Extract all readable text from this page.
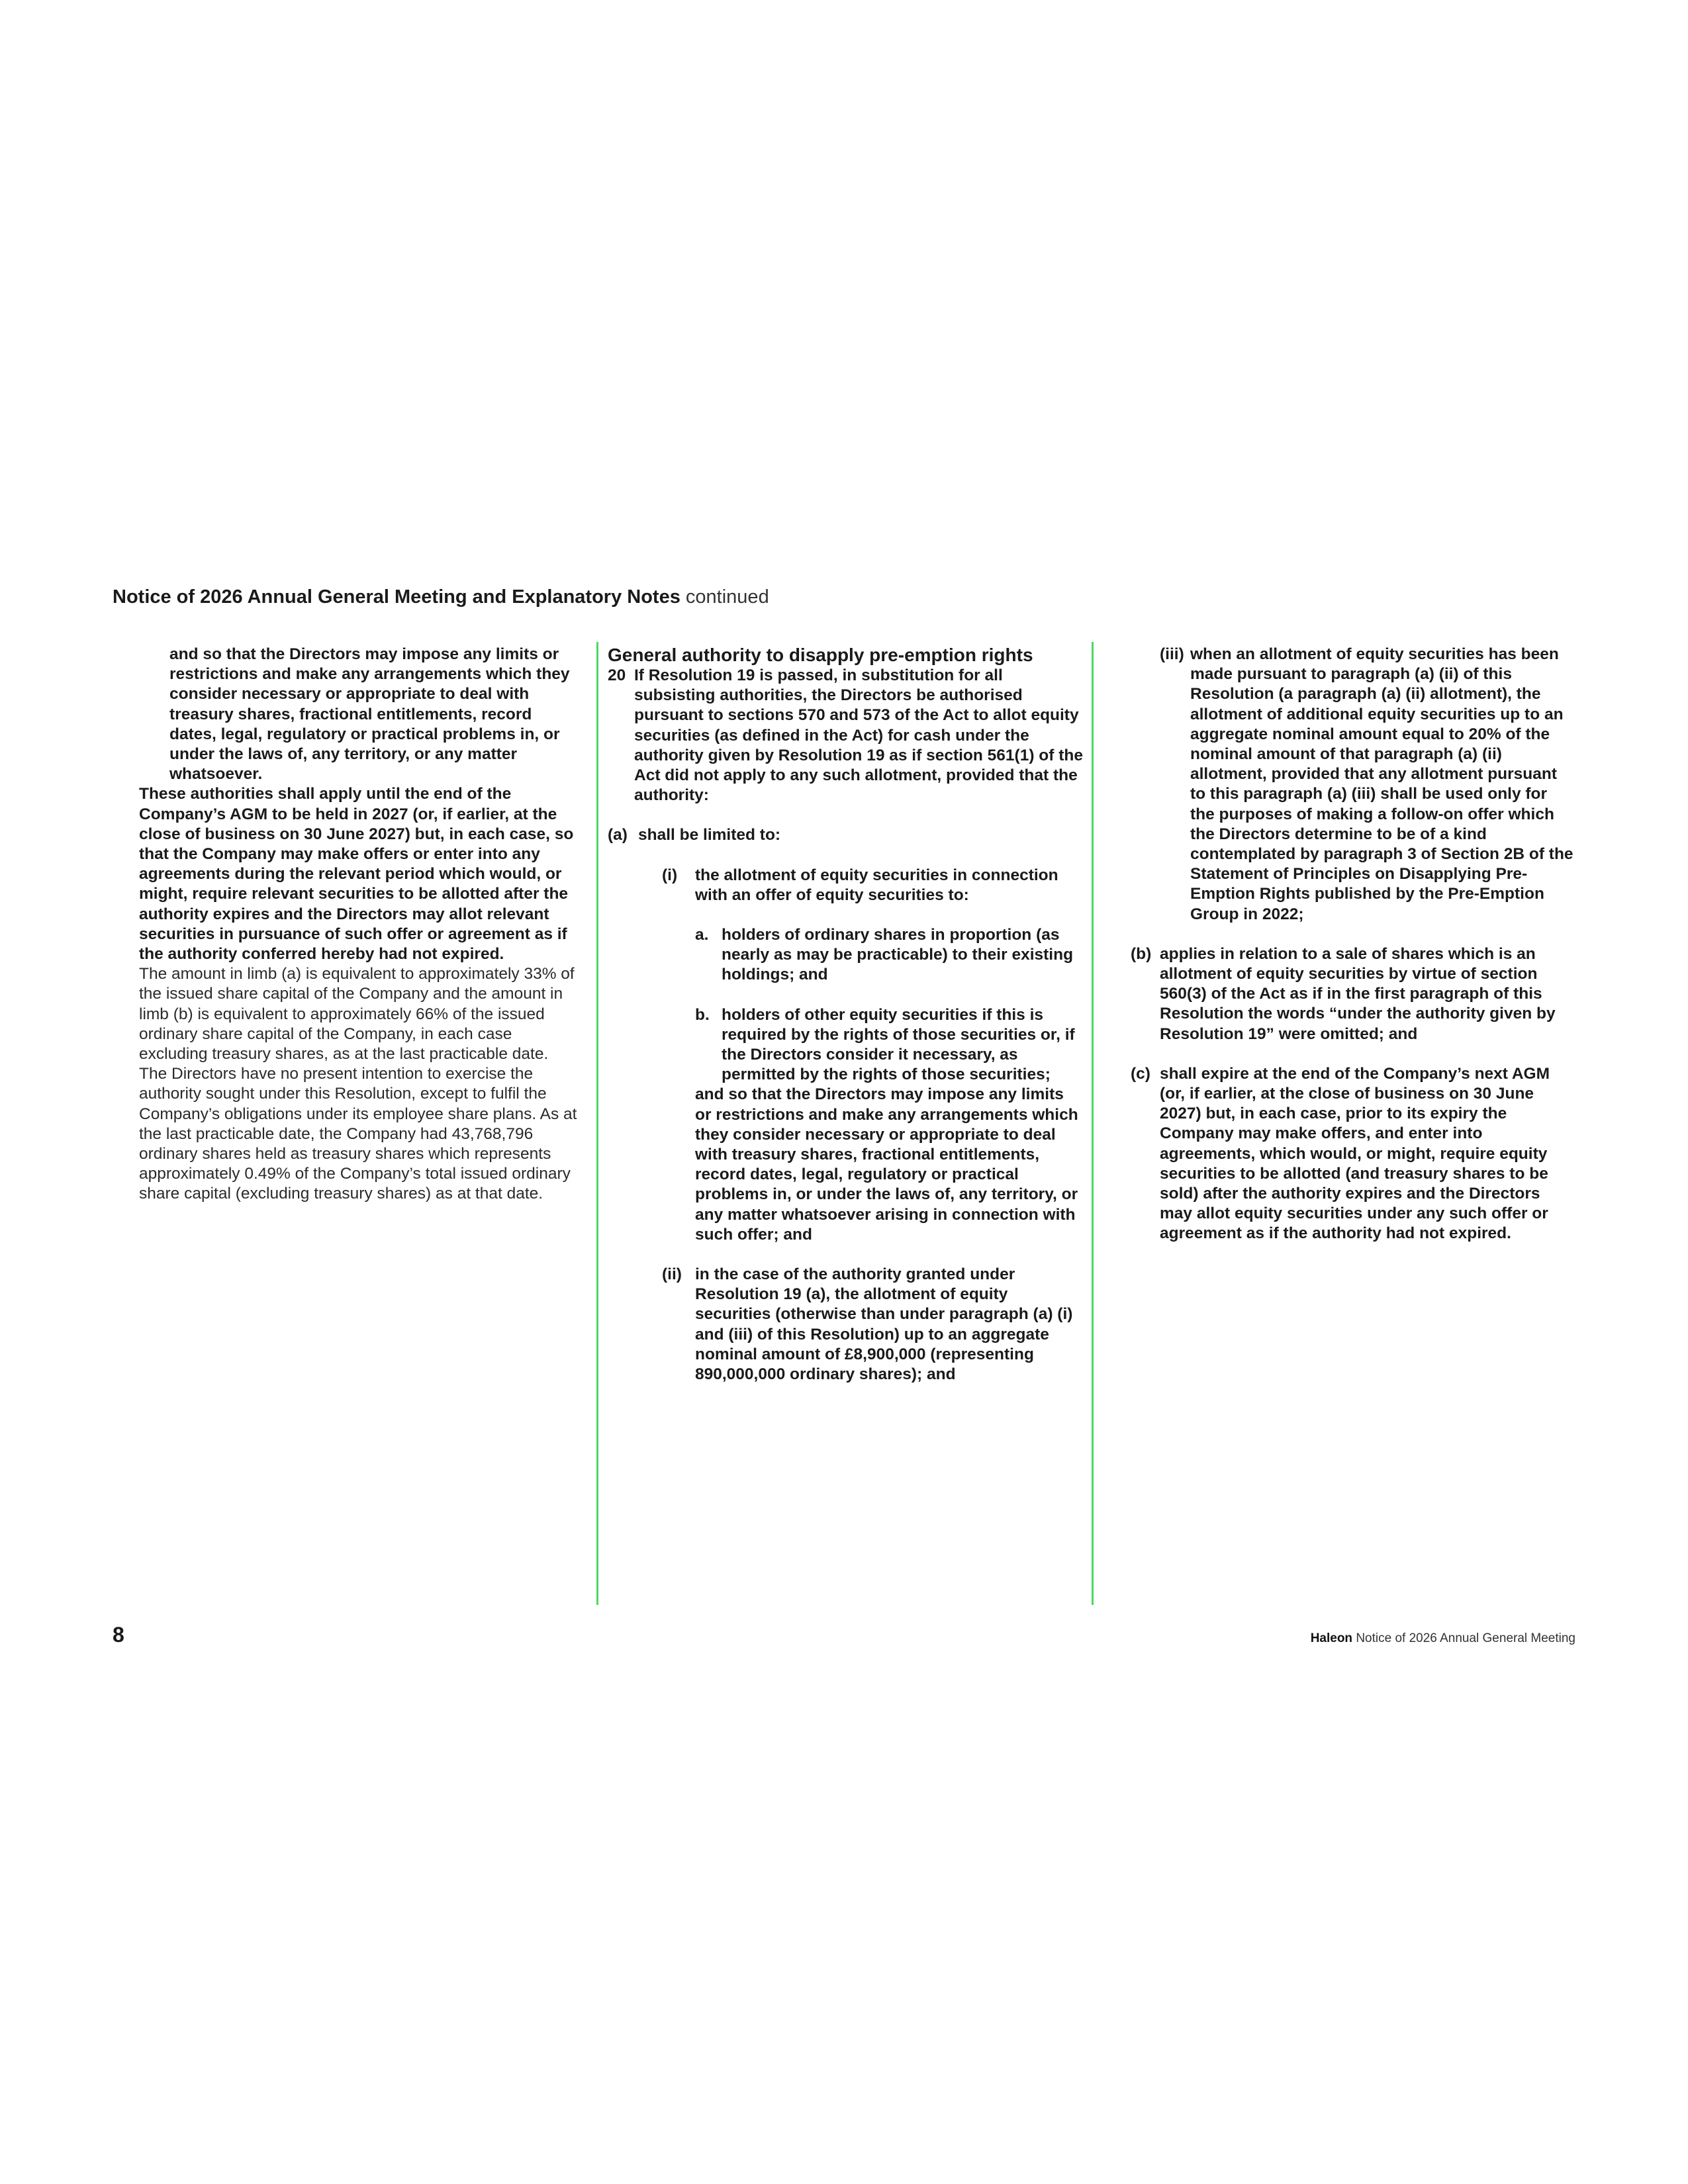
Notice of 2026 Annual General Meeting and Explanatory Notes continued

and so that the Directors may impose any limits or restrictions and make any arrangements which they consider necessary or appropriate to deal with treasury shares, fractional entitlements, record dates, legal, regulatory or practical problems in, or under the laws of, any territory, or any matter whatsoever.

These authorities shall apply until the end of the Company’s AGM to be held in 2027 (or, if earlier, at the close of business on 30 June 2027) but, in each case, so that the Company may make offers or enter into any agreements during the relevant period which would, or might, require relevant securities to be allotted after the authority expires and the Directors may allot relevant securities in pursuance of such offer or agreement as if the authority conferred hereby had not expired.

The amount in limb (a) is equivalent to approximately 33% of the issued share capital of the Company and the amount in limb (b) is equivalent to approximately 66% of the issued ordinary share capital of the Company, in each case excluding treasury shares, as at the last practicable date.

The Directors have no present intention to exercise the authority sought under this Resolution, except to fulfil the Company’s obligations under its employee share plans. As at the last practicable date, the Company had 43,768,796 ordinary shares held as treasury shares which represents approximately 0.49% of the Company’s total issued ordinary share capital (excluding treasury shares) as at that date.

General authority to disapply pre-emption rights

20 If Resolution 19 is passed, in substitution for all subsisting authorities, the Directors be authorised pursuant to sections 570 and 573 of the Act to allot equity securities (as defined in the Act) for cash under the authority given by Resolution 19 as if section 561(1) of the Act did not apply to any such allotment, provided that the authority:
(a) shall be limited to:
(i)	the allotment of equity securities in connection with an offer of equity securities to:
a. holders of ordinary shares in proportion (as nearly as may be practicable) to their existing holdings; and
b. holders of other equity securities if this is required by the rights of those securities or, if the Directors consider it necessary, as permitted by the rights of those securities;

and so that the Directors may impose any limits or restrictions and make any arrangements which they consider necessary or appropriate to deal with treasury shares, fractional entitlements, record dates, legal, regulatory or practical problems in, or under the laws of, any territory, or any matter whatsoever arising in connection with such offer; and

(ii) in the case of the authority granted under Resolution 19 (a), the allotment of equity securities (otherwise than under paragraph (a) (i) and (iii) of this Resolution) up to an aggregate nominal amount of £8,900,000 (representing 890,000,000 ordinary shares); and
(iii) when an allotment of equity securities has been made pursuant to paragraph (a) (ii) of this Resolution (a paragraph (a) (ii) allotment), the allotment of additional equity securities up to an aggregate nominal amount equal to 20% of the nominal amount of that paragraph (a) (ii) allotment, provided that any allotment pursuant to this paragraph (a) (iii) shall be used only for the purposes of making a follow-on offer which the Directors determine to be of a kind contemplated by paragraph 3 of Section 2B of the Statement of Principles on Disapplying Pre-Emption Rights published by the Pre-Emption Group in 2022;
(b) applies in relation to a sale of shares which is an allotment of equity securities by virtue of section 560(3) of the Act as if in the first paragraph of this Resolution the words “under the authority given by Resolution 19” were omitted; and
(c) shall expire at the end of the Company’s next AGM (or, if earlier, at the close of business on 30 June 2027) but, in each case, prior to its expiry the Company may make offers, and enter into agreements, which would, or might, require equity securities to be allotted (and treasury shares to be sold) after the authority expires and the Directors may allot equity securities under any such offer or agreement as if the authority had not expired.
8	Haleon Notice of 2026 Annual General Meeting
